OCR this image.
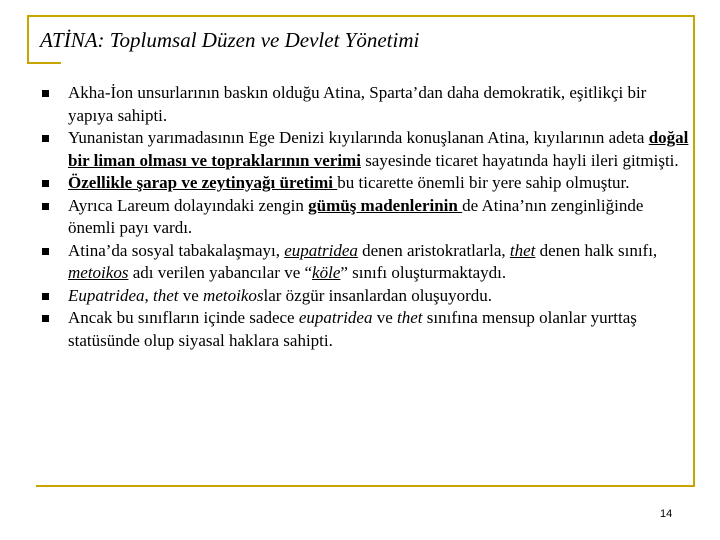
ATİNA: Toplumsal Düzen ve Devlet Yönetimi
Akha-İon unsurlarının baskın olduğu Atina, Sparta’dan daha demokratik, eşitlikçi bir yapıya sahipti.
Yunanistan yarımadasının Ege Denizi kıyılarında konuşlanan Atina, kıyılarının adeta doğal bir liman olması ve topraklarının verimi sayesinde ticaret hayatında hayli ileri gitmişti.
Özellikle şarap ve zeytinyağı üretimi bu ticarette önemli bir yere sahip olmuştur.
Ayrıca Lareum dolayındaki zengin gümüş madenlerinin de Atina’nın zenginliğinde önemli payı vardı.
Atina’da sosyal tabakalaşmayı, eupatridea denen aristokratlarla, thet denen halk sınıfı, metoikos adı verilen yabancılar ve “köle” sınıfı oluşturmaktaydı.
Eupatridea, thet ve metoikoslar özgür insanlardan oluşuyordu.
Ancak bu sınıfların içinde sadece eupatridea ve thet sınıfına mensup olanlar yurttaş statüsünde olup siyasal haklara sahipti.
14
